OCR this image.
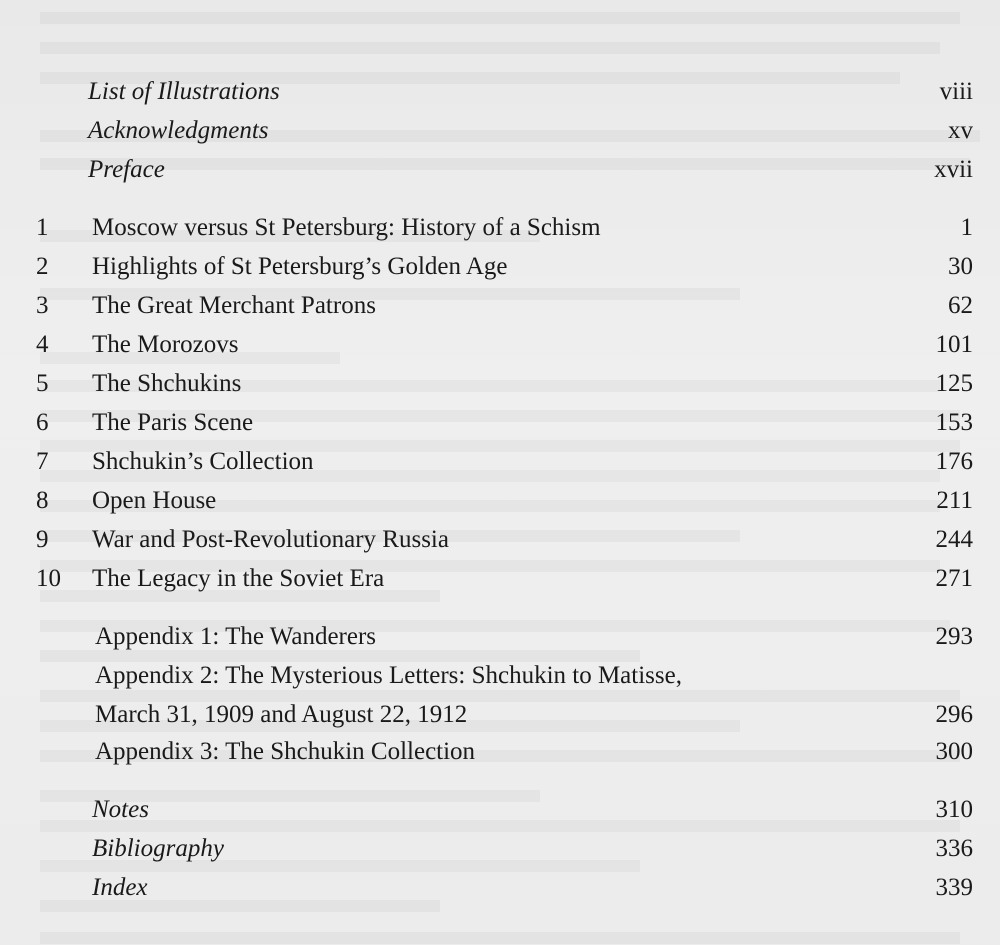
List of Illustrations	viii
Acknowledgments	xv
Preface	xvii
1	Moscow versus St Petersburg: History of a Schism	1
2	Highlights of St Petersburg’s Golden Age	30
3	The Great Merchant Patrons	62
4	The Morozovs	101
5	The Shchukins	125
6	The Paris Scene	153
7	Shchukin’s Collection	176
8	Open House	211
9	War and Post-Revolutionary Russia	244
10	The Legacy in the Soviet Era	271
Appendix 1: The Wanderers	293
Appendix 2: The Mysterious Letters: Shchukin to Matisse,
March 31, 1909 and August 22, 1912	296
Appendix 3: The Shchukin Collection	300
Notes	310
Bibliography	336
Index	339
